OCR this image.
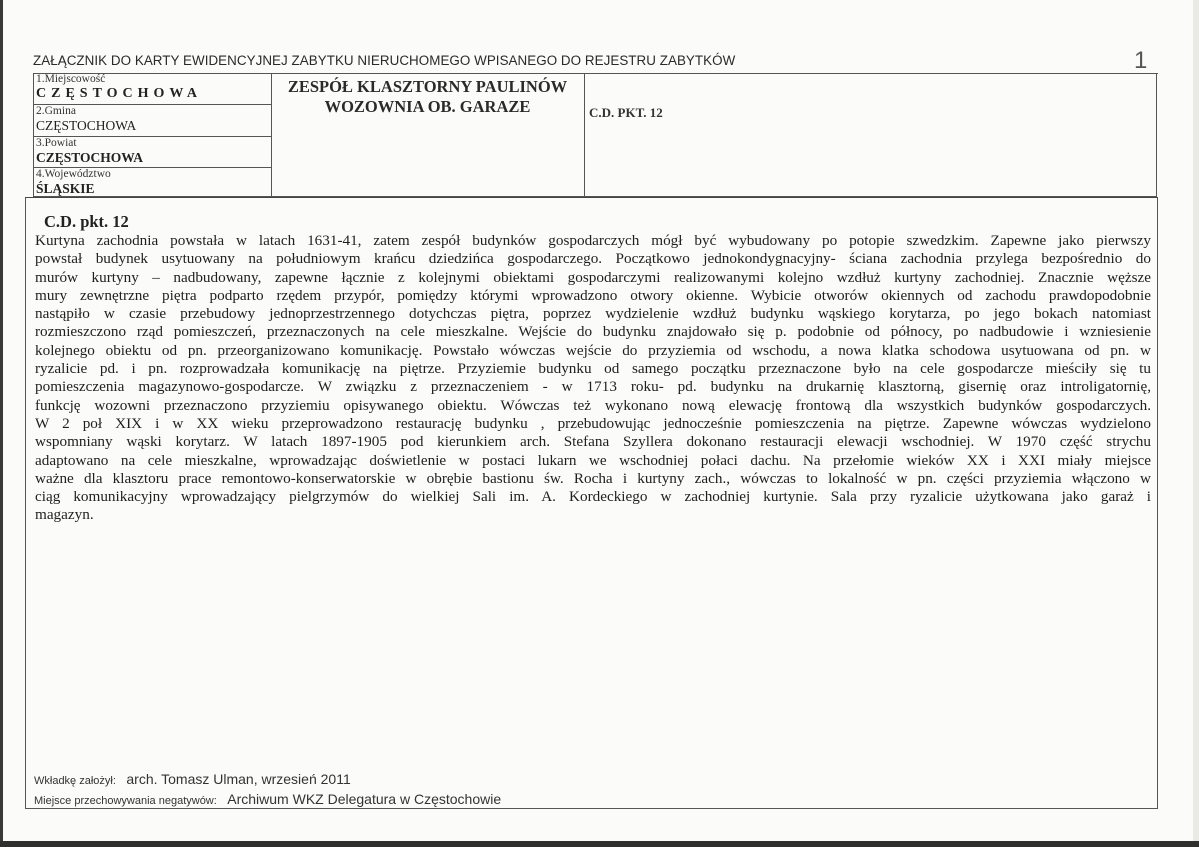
ZAŁĄCZNIK DO KARTY EWIDENCYJNEJ ZABYTKU NIERUCHOMEGO WPISANEGO DO REJESTRU ZABYTKÓW	1
1.Miejscowość
CZĘSTOCHOWA
2.Gmina
CZĘSTOCHOWA
3.Powiat
CZĘSTOCHOWA
4.Województwo
ŚLĄSKIE
ZESPÓŁ KLASZTORNY PAULINÓW
WOZOWNIA OB. GARAZE	C.D. PKT. 12
C.D. pkt. 12
Kurtyna zachodnia powstała w latach 1631-41, zatem zespół budynków gospodarczych mógł być wybudowany po potopie szwedzkim. Zapewne jako pierwszy
powstał budynek usytuowany na południowym krańcu dziedzińca gospodarczego. Początkowo jednokondygnacyjny- ściana zachodnia przylega bezpośrednio do
murów kurtyny – nadbudowany, zapewne łącznie z kolejnymi obiektami gospodarczymi realizowanymi kolejno wzdłuż kurtyny zachodniej. Znacznie węższe
mury zewnętrzne piętra podparto rzędem przypór, pomiędzy którymi wprowadzono otwory okienne. Wybicie otworów okiennych od zachodu prawdopodobnie
nastąpiło w czasie przebudowy jednoprzestrzennego dotychczas piętra, poprzez wydzielenie wzdłuż budynku wąskiego korytarza, po jego bokach natomiast
rozmieszczono rząd pomieszczeń, przeznaczonych na cele mieszkalne. Wejście do budynku znajdowało się p. podobnie od północy, po nadbudowie i wzniesienie
kolejnego obiektu od pn. przeorganizowano komunikację. Powstało wówczas wejście do przyziemia od wschodu, a nowa klatka schodowa usytuowana od pn. w
ryzalicie pd. i pn. rozprowadzała komunikację na piętrze. Przyziemie budynku od samego początku przeznaczone było na cele gospodarcze mieściły się tu
pomieszczenia magazynowo-gospodarcze. W związku z przeznaczeniem - w 1713 roku- pd. budynku na drukarnię klasztorną, gisernię oraz introligatornię,
funkcję wozowni przeznaczono przyziemiu opisywanego obiektu. Wówczas też wykonano nową elewację frontową dla wszystkich budynków gospodarczych.
W 2 poł XIX i w XX wieku przeprowadzono restaurację budynku , przebudowując jednocześnie pomieszczenia na piętrze. Zapewne wówczas wydzielono
wspomniany wąski korytarz. W latach 1897-1905 pod kierunkiem arch. Stefana Szyllera dokonano restauracji elewacji wschodniej. W 1970 część strychu
adaptowano na cele mieszkalne, wprowadzając doświetlenie w postaci lukarn we wschodniej połaci dachu. Na przełomie wieków XX i XXI miały miejsce
ważne dla klasztoru prace remontowo-konserwatorskie w obrębie bastionu św. Rocha i kurtyny zach., wówczas to lokalność w pn. części przyziemia włączono w
ciąg komunikacyjny wprowadzający pielgrzymów do wielkiej Sali im. A. Kordeckiego w zachodniej kurtynie. Sala przy ryzalicie użytkowana jako garaż i
magazyn.
Wkładkę założył: arch. Tomasz Ulman, wrzesień 2011
Miejsce przechowywania negatywów: Archiwum WKZ Delegatura w Częstochowie
